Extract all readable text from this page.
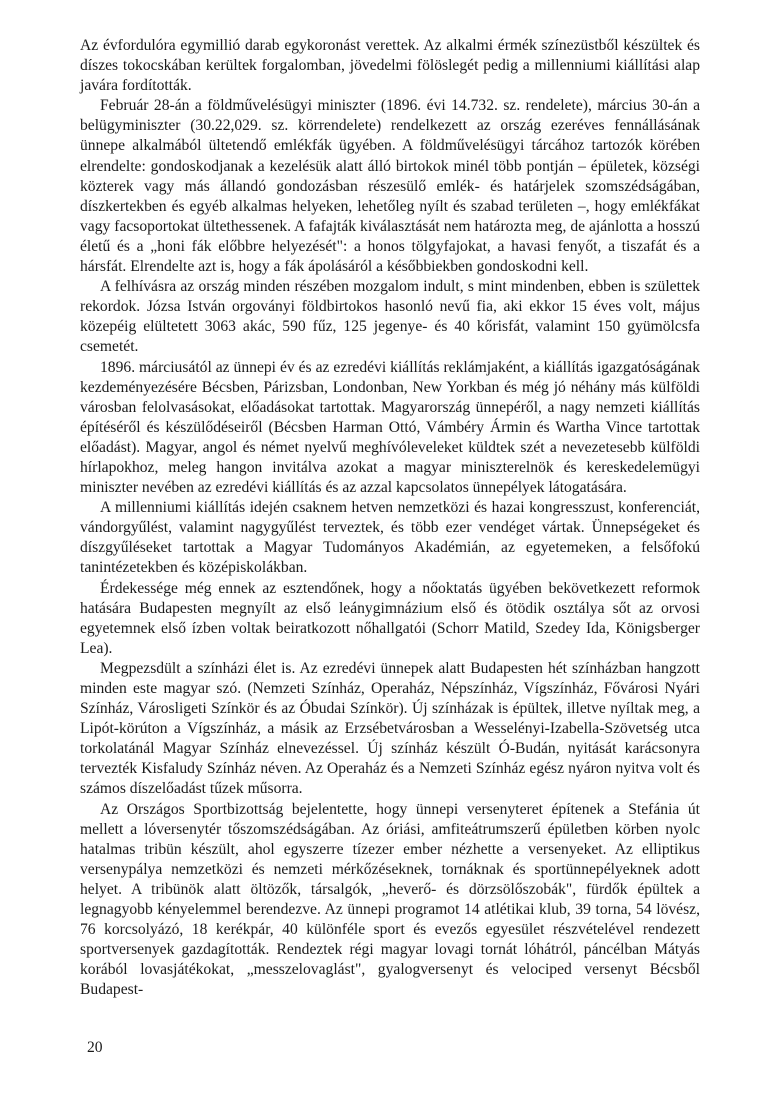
Az évfordulóra egymillió darab egykoronást verettek. Az alkalmi érmék színezüstből készültek és díszes tokocskában kerültek forgalomban, jövedelmi fölöslegét pedig a millenniumi kiállítási alap javára fordították.

Február 28-án a földművelésügyi miniszter (1896. évi 14.732. sz. rendelete), március 30-án a belügyminiszter (30.22,029. sz. körrendelete) rendelkezett az ország ezeréves fennállásának ünnepe alkalmából ültetendő emlékfák ügyében. A földművelésügyi tárcához tartozók körében elrendelte: gondoskodjanak a kezelésük alatt álló birtokok minél több pontján – épületek, községi közterek vagy más állandó gondozásban részesülő emlék- és határjelek szomszédságában, díszkertekben és egyéb alkalmas helyeken, lehetőleg nyílt és szabad területen –, hogy emlékfákat vagy facsoportokat ültethessenek. A fafajták kiválasztását nem határozta meg, de ajánlotta a hosszú életű és a „honi fák előbbre helyezését": a honos tölgyfajokat, a havasi fenyőt, a tiszafát és a hársfát. Elrendelte azt is, hogy a fák ápolásáról a későbbiekben gondoskodni kell.

A felhívásra az ország minden részében mozgalom indult, s mint mindenben, ebben is születtek rekordok. Józsa István orgoványi földbirtokos hasonló nevű fia, aki ekkor 15 éves volt, május közepéig elültetett 3063 akác, 590 fűz, 125 jegenye- és 40 kőrisfát, valamint 150 gyümölcsfa csemetét.

1896. márciusától az ünnepi év és az ezredévi kiállítás reklámjaként, a kiállítás igazgatóságának kezdeményezésére Bécsben, Párizsban, Londonban, New Yorkban és még jó néhány más külföldi városban felolvasásokat, előadásokat tartottak. Magyarország ünnepéről, a nagy nemzeti kiállítás építéséről és készülődéseiről (Bécsben Harman Ottó, Vámbéry Ármin és Wartha Vince tartottak előadást). Magyar, angol és német nyelvű meghívóleveleket küldtek szét a nevezetesebb külföldi hírlapokhoz, meleg hangon invitálva azokat a magyar miniszterelnök és kereskedelemügyi miniszter nevében az ezredévi kiállítás és az azzal kapcsolatos ünnepélyek látogatására.

A millenniumi kiállítás idején csaknem hetven nemzetközi és hazai kongresszust, konferenciát, vándorgyűlést, valamint nagygyűlést terveztek, és több ezer vendéget vártak. Ünnepségeket és díszgyűléseket tartottak a Magyar Tudományos Akadémián, az egyetemeken, a felsőfokú tanintézetekben és középiskolákban.

Érdekessége még ennek az esztendőnek, hogy a nőoktatás ügyében bekövetkezett reformok hatására Budapesten megnyílt az első leánygimnázium első és ötödik osztálya sőt az orvosi egyetemnek első ízben voltak beiratkozott nőhallgatói (Schorr Matild, Szedey Ida, Königsberger Lea).

Megpezsdült a színházi élet is. Az ezredévi ünnepek alatt Budapesten hét színházban hangzott minden este magyar szó. (Nemzeti Színház, Operaház, Népszínház, Vígszínház, Fővárosi Nyári Színház, Városligeti Színkör és az Óbudai Színkör). Új színházak is épültek, illetve nyíltak meg, a Lipót-körúton a Vígszínház, a másik az Erzsébetvárosban a Wesselényi-Izabella-Szövetség utca torkolatánál Magyar Színház elnevezéssel. Új színház készült Ó-Budán, nyitását karácsonyra tervezték Kisfaludy Színház néven. Az Operaház és a Nemzeti Színház egész nyáron nyitva volt és számos díszelőadást tűzek műsorra.

Az Országos Sportbizottság bejelentette, hogy ünnepi versenyteret építenek a Stefánia út mellett a lóversenytér tőszomszédságában. Az óriási, amfiteátrumszerű épületben körben nyolc hatalmas tribün készült, ahol egyszerre tízezer ember nézhette a versenyeket. Az elliptikus versenypálya nemzetközi és nemzeti mérkőzéseknek, tornáknak és sportünnepélyeknek adott helyet. A tribünök alatt öltözők, társalgók, „heverő- és dörzsölőszobák", fürdők épültek a legnagyobb kényelemmel berendezve. Az ünnepi programot 14 atlétikai klub, 39 torna, 54 lövész, 76 korcsolyázó, 18 kerékpár, 40 különféle sport és evezős egyesület részvételével rendezett sportversenyek gazdagították. Rendeztek régi magyar lovagi tornát lóhátról, páncélban Mátyás korából lovasjátékokat, „messzelovaglást", gyalogversenyt és velociped versenyt Bécsből Budapest-

20
